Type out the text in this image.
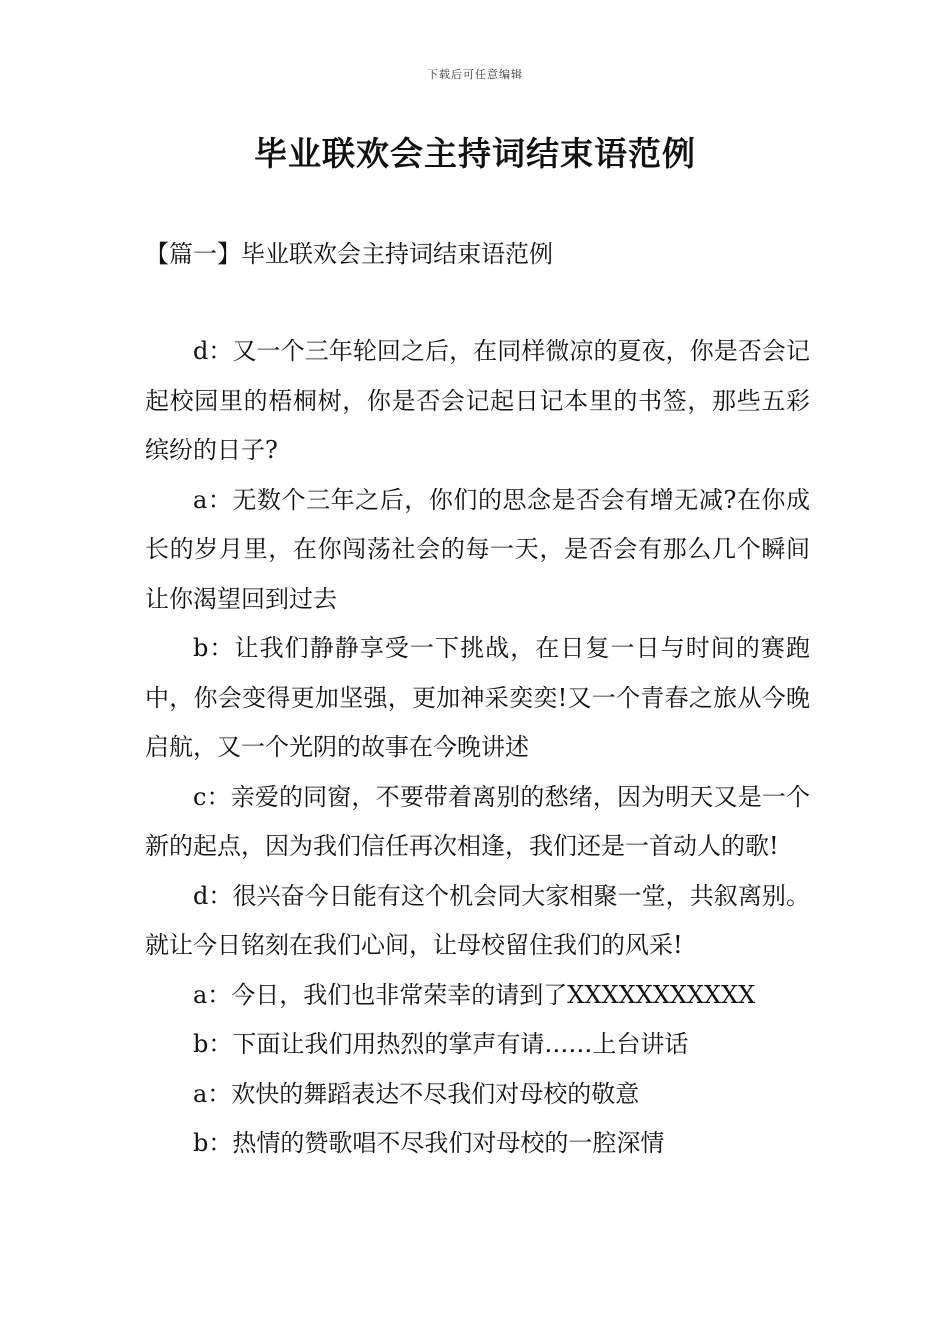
下载后可任意编辑
毕业联欢会主持词结束语范例
【篇一】毕业联欢会主持词结束语范例

d：又一个三年轮回之后，在同样微凉的夏夜，你是否会记起校园里的梧桐树，你是否会记起日记本里的书签，那些五彩缤纷的日子?

a：无数个三年之后，你们的思念是否会有增无减?在你成长的岁月里，在你闯荡社会的每一天，是否会有那么几个瞬间让你渴望回到过去

b：让我们静静享受一下挑战，在日复一日与时间的赛跑中，你会变得更加坚强，更加神采奕奕!又一个青春之旅从今晚启航，又一个光阴的故事在今晚讲述

c：亲爱的同窗，不要带着离别的愁绪，因为明天又是一个新的起点，因为我们信任再次相逢，我们还是一首动人的歌!

d：很兴奋今日能有这个机会同大家相聚一堂，共叙离别。就让今日铭刻在我们心间，让母校留住我们的风采!

a：今日，我们也非常荣幸的请到了XXXXXXXXXXX

b：下面让我们用热烈的掌声有请……上台讲话

a：欢快的舞蹈表达不尽我们对母校的敬意

b：热情的赞歌唱不尽我们对母校的一腔深情
